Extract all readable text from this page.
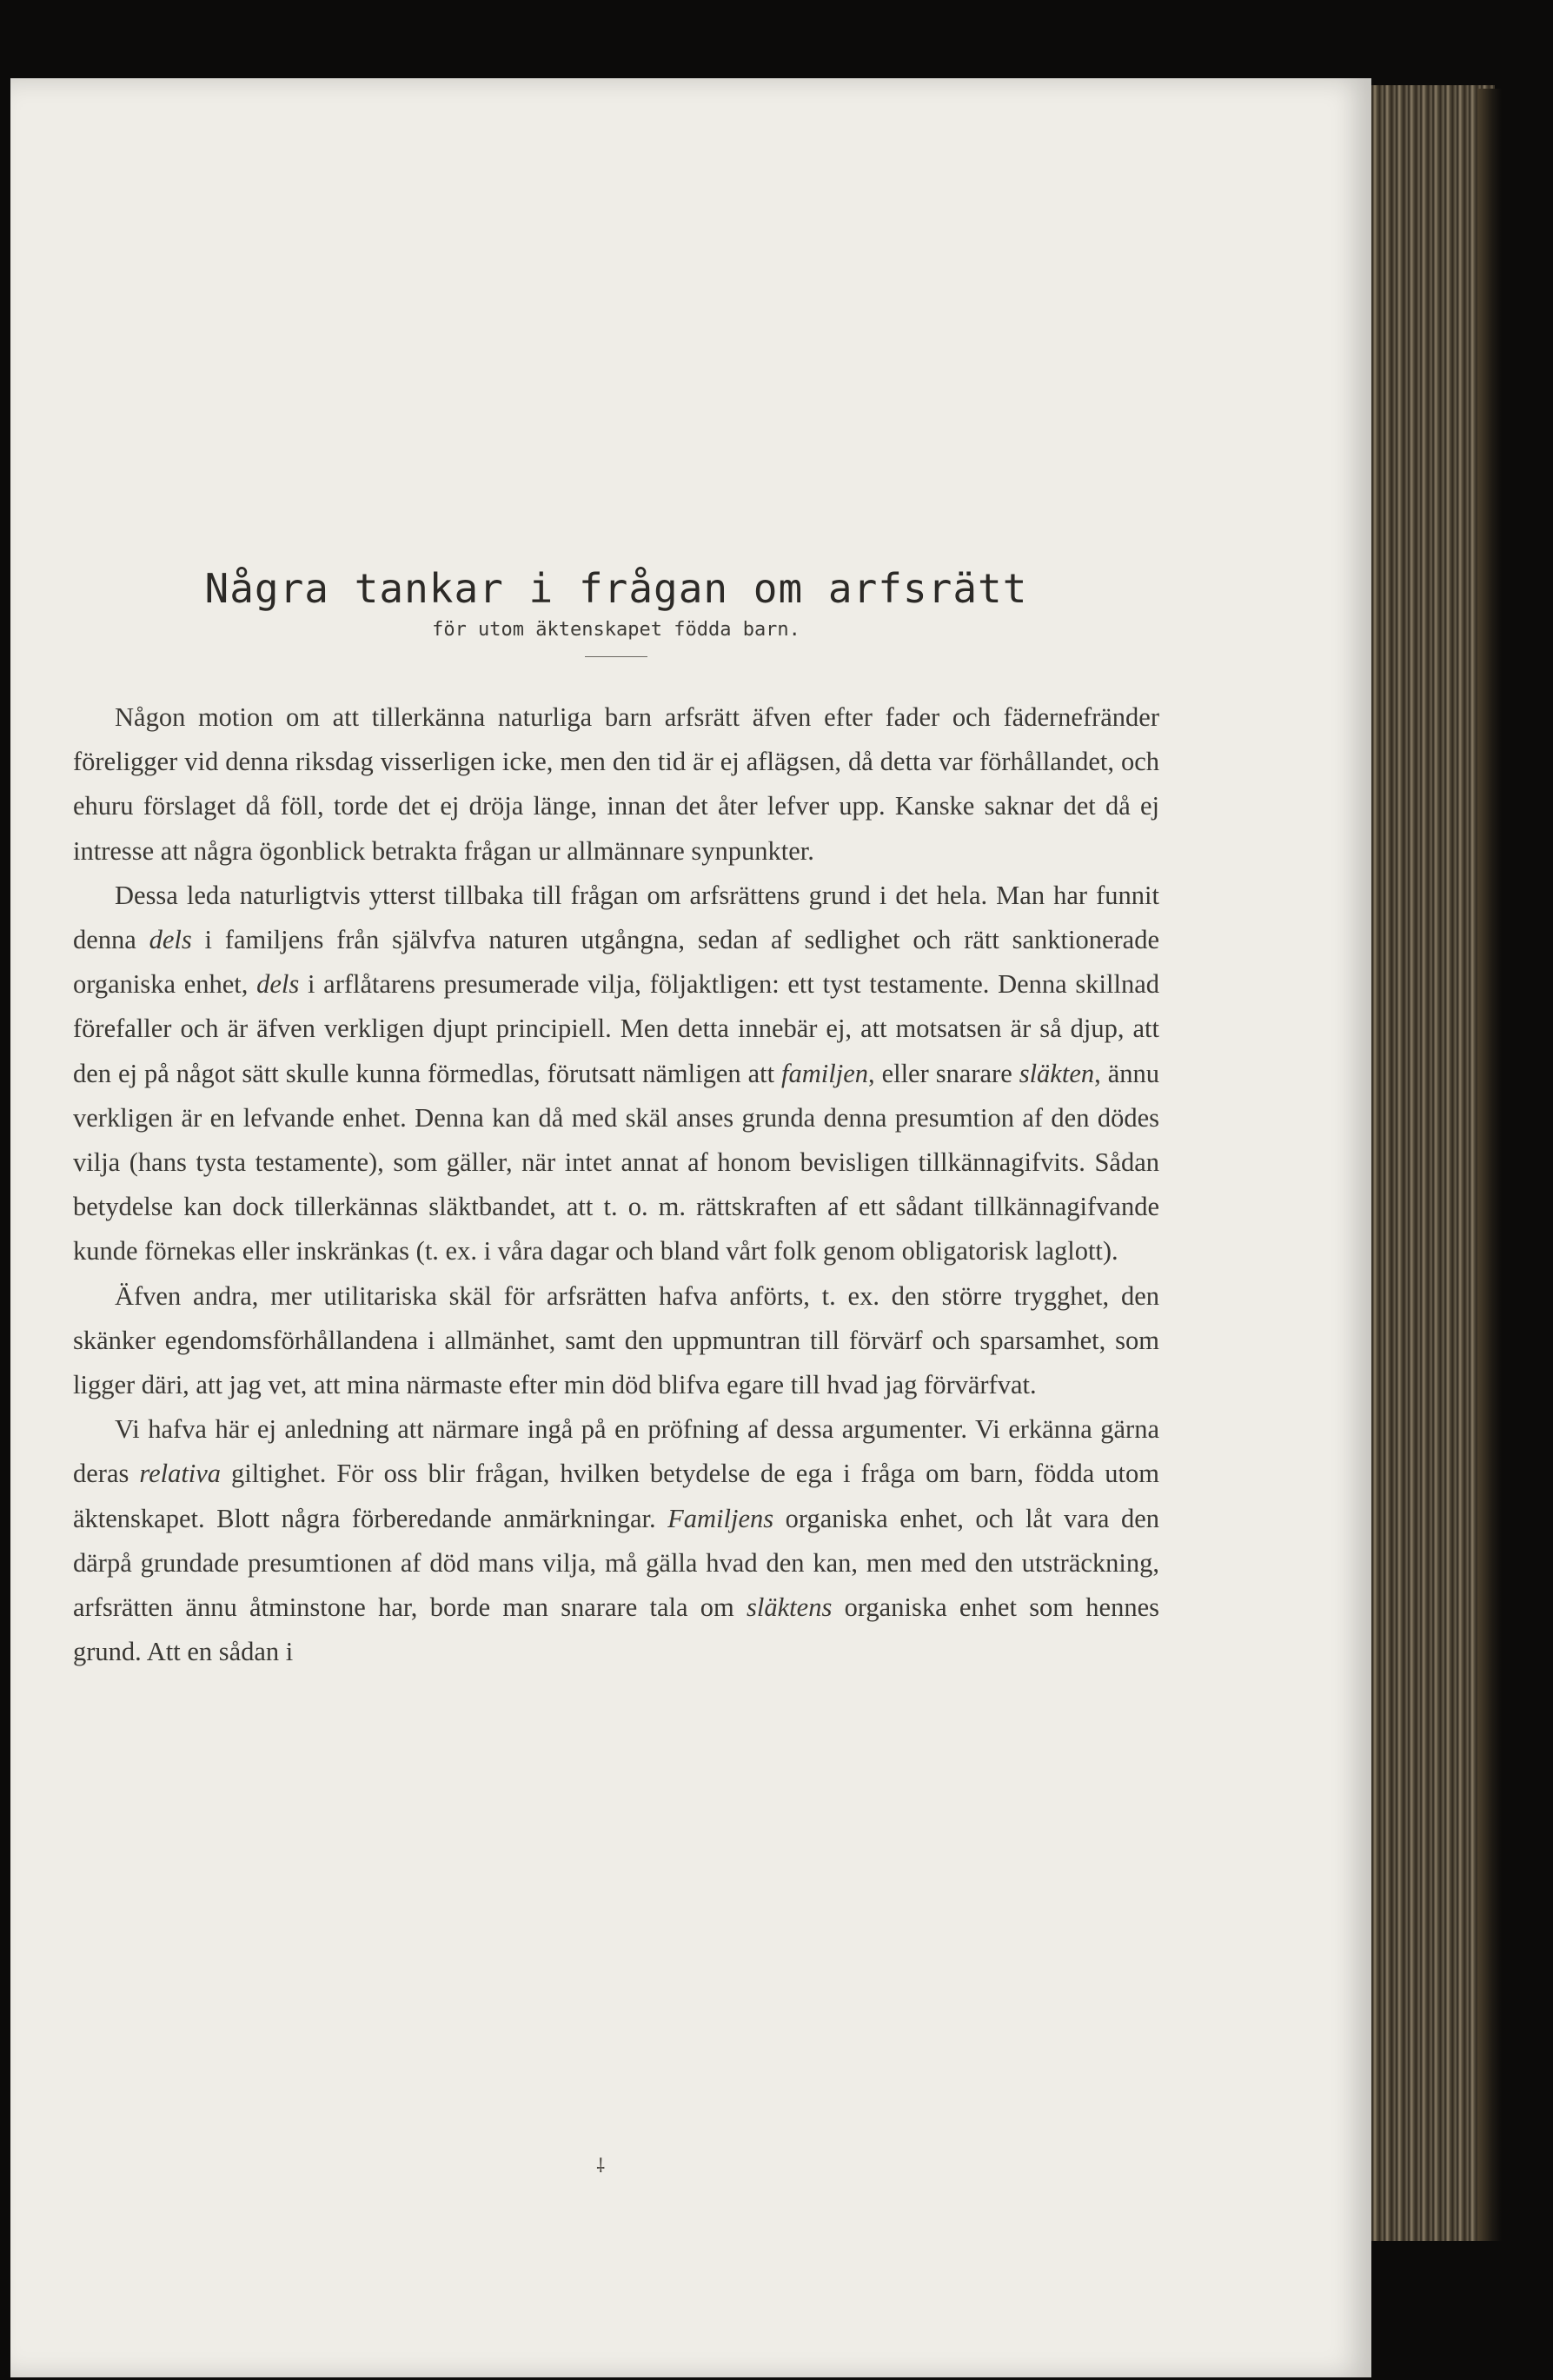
Några tankar i frågan om arfsrätt
för utom äktenskapet födda barn.

Någon motion om att tillerkänna naturliga barn arfsrätt äfven efter fader och fädernefränder föreligger vid denna riksdag visserligen icke, men den tid är ej aflägsen, då detta var förhållandet, och ehuru förslaget då föll, torde det ej dröja länge, innan det åter lefver upp. Kanske saknar det då ej intresse att några ögonblick betrakta frågan ur allmännare synpunkter.

Dessa leda naturligtvis ytterst tillbaka till frågan om arfsrättens grund i det hela. Man har funnit denna dels i familjens från självfva naturen utgångna, sedan af sedlighet och rätt sanktionerade organiska enhet, dels i arflåtarens presumerade vilja, följaktligen: ett tyst testamente. Denna skillnad förefaller och är äfven verkligen djupt principiell. Men detta innebär ej, att motsatsen är så djup, att den ej på något sätt skulle kunna förmedlas, förutsatt nämligen att familjen, eller snarare släkten, ännu verkligen är en lefvande enhet. Denna kan då med skäl anses grunda denna presumtion af den dödes vilja (hans tysta testamente), som gäller, när intet annat af honom bevisligen tillkännagifvits. Sådan betydelse kan dock tillerkännas släktbandet, att t. o. m. rättskraften af ett sådant tillkännagifvande kunde förnekas eller inskränkas (t. ex. i våra dagar och bland vårt folk genom obligatorisk laglott).

Äfven andra, mer utilitariska skäl för arfsrätten hafva anförts, t. ex. den större trygghet, den skänker egendomsförhållandena i allmänhet, samt den uppmuntran till förvärf och sparsamhet, som ligger däri, att jag vet, att mina närmaste efter min död blifva egare till hvad jag förvärfvat.

Vi hafva här ej anledning att närmare ingå på en pröfning af dessa argumenter. Vi erkänna gärna deras relativa giltighet. För oss blir frågan, hvilken betydelse de ega i fråga om barn, födda utom äktenskapet. Blott några förberedande anmärkningar. Familjens organiska enhet, och låt vara den därpå grundade presumtionen af död mans vilja, må gälla hvad den kan, men med den utsträckning, arfsrätten ännu åtminstone har, borde man snarare tala om släktens organiska enhet som hennes grund. Att en sådan i

⸸
